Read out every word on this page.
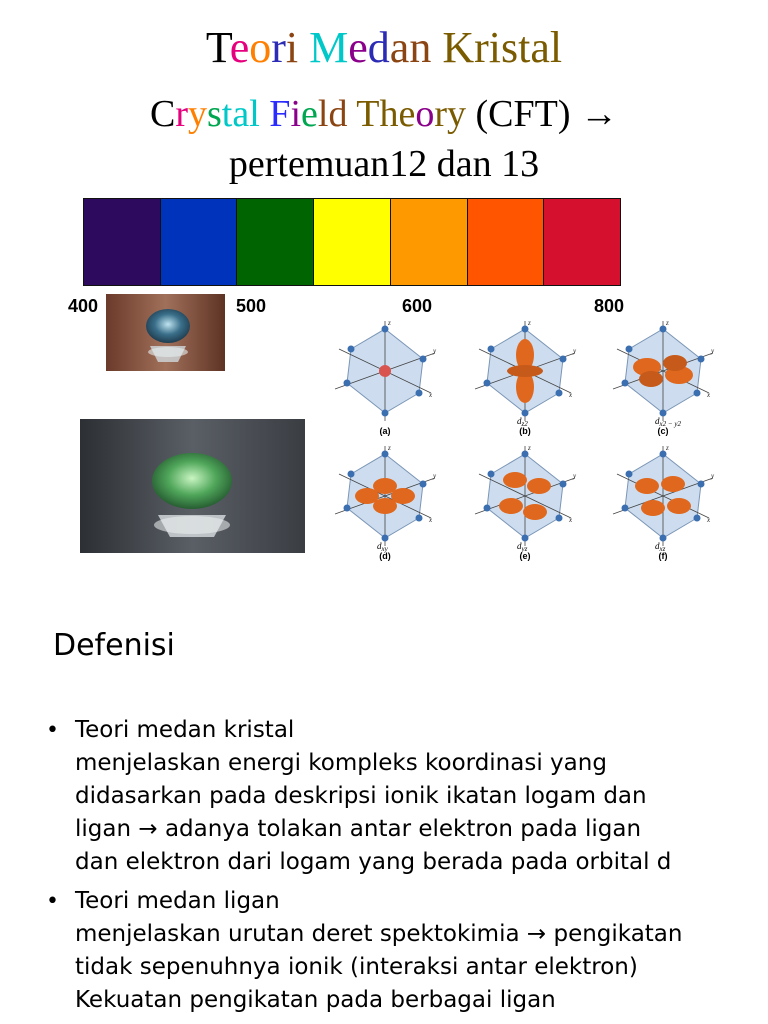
Teori Medan Kristal
Crystal Field Theory (CFT) →
pertemuan12 dan 13
400	500	600	800
z
y
x
(a)
z
y
x
$d_{z2}$
(b)
z
y
x
$d_{x2 - y2}$
(c)
z
y
x
$d_{xy}$
(d)
z
y
x
$d_{yz}$
(e)
z
y
x
$d_{xz}$
(f)
Defenisi
• Teori medan kristal
menjelaskan energi kompleks koordinasi yang
didasarkan pada deskripsi ionik ikatan logam dan
ligan → adanya tolakan antar elektron pada ligan
dan elektron dari logam yang berada pada orbital d
• Teori medan ligan
menjelaskan urutan deret spektokimia → pengikatan
tidak sepenuhnya ionik (interaksi antar elektron)
Kekuatan pengikatan pada berbagai ligan
